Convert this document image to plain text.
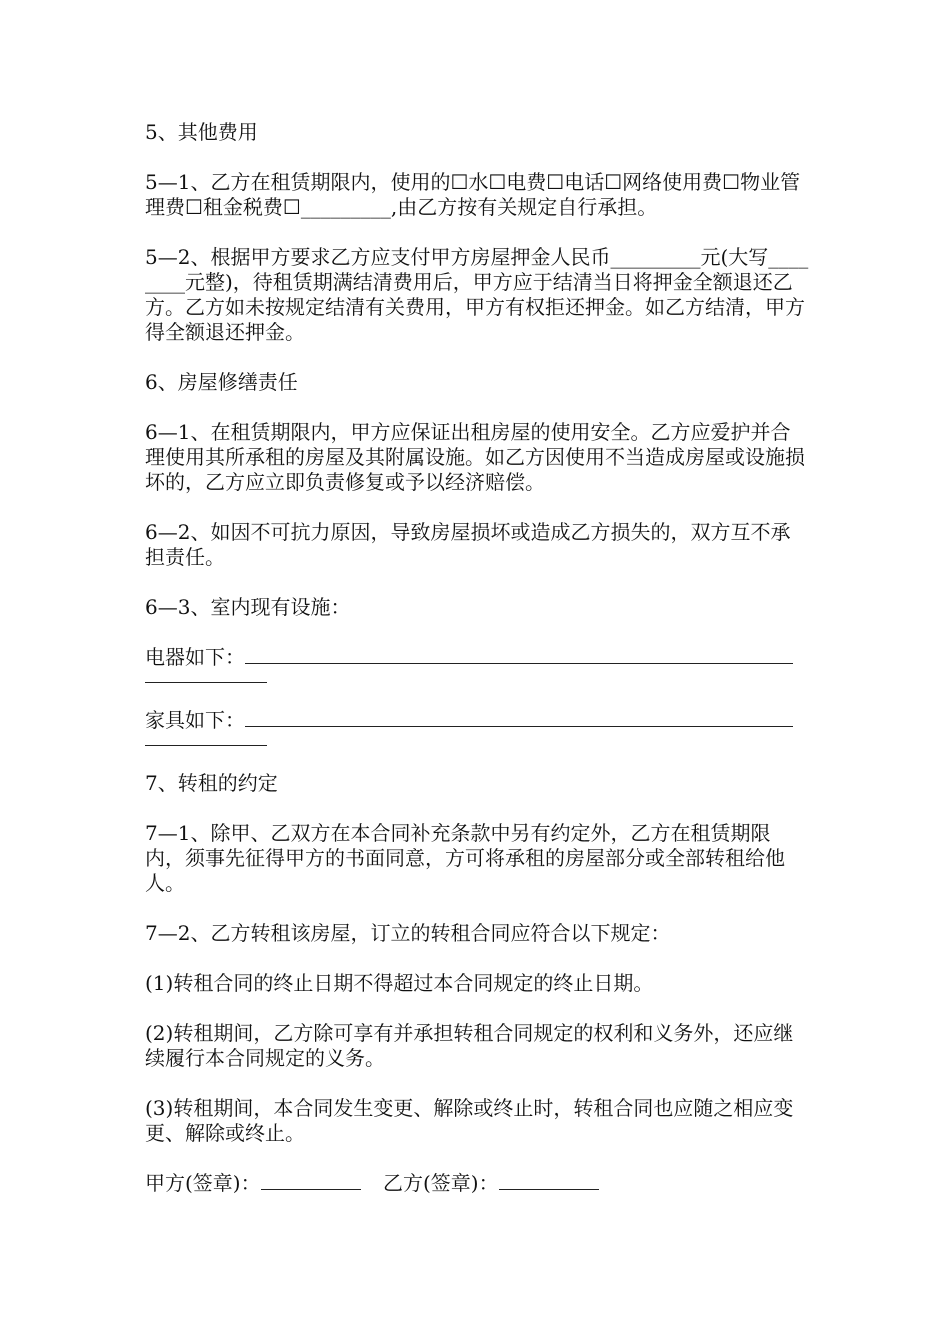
5、其他费用

5—1、乙方在租赁期限内，使用的☐水☐电费☐电话☐网络使用费☐物业管理费☐租金税费☐_________,由乙方按有关规定自行承担。

5—2、根据甲方要求乙方应支付甲方房屋押金人民币_________元(大写________元整)，待租赁期满结清费用后，甲方应于结清当日将押金全额退还乙方。乙方如未按规定结清有关费用，甲方有权拒还押金。如乙方结清，甲方得全额退还押金。

6、房屋修缮责任

6—1、在租赁期限内，甲方应保证出租房屋的使用安全。乙方应爱护并合理使用其所承租的房屋及其附属设施。如乙方因使用不当造成房屋或设施损坏的，乙方应立即负责修复或予以经济赔偿。

6—2、如因不可抗力原因，导致房屋损坏或造成乙方损失的，双方互不承担责任。

6—3、室内现有设施：

电器如下：
家具如下：

7、转租的约定

7—1、除甲、乙双方在本合同补充条款中另有约定外，乙方在租赁期限内，须事先征得甲方的书面同意，方可将承租的房屋部分或全部转租给他人。

7—2、乙方转租该房屋，订立的转租合同应符合以下规定：

(1)转租合同的终止日期不得超过本合同规定的终止日期。

(2)转租期间，乙方除可享有并承担转租合同规定的权利和义务外，还应继续履行本合同规定的义务。

(3)转租期间，本合同发生变更、解除或终止时，转租合同也应随之相应变更、解除或终止。

甲方(签章)：	乙方(签章)：
